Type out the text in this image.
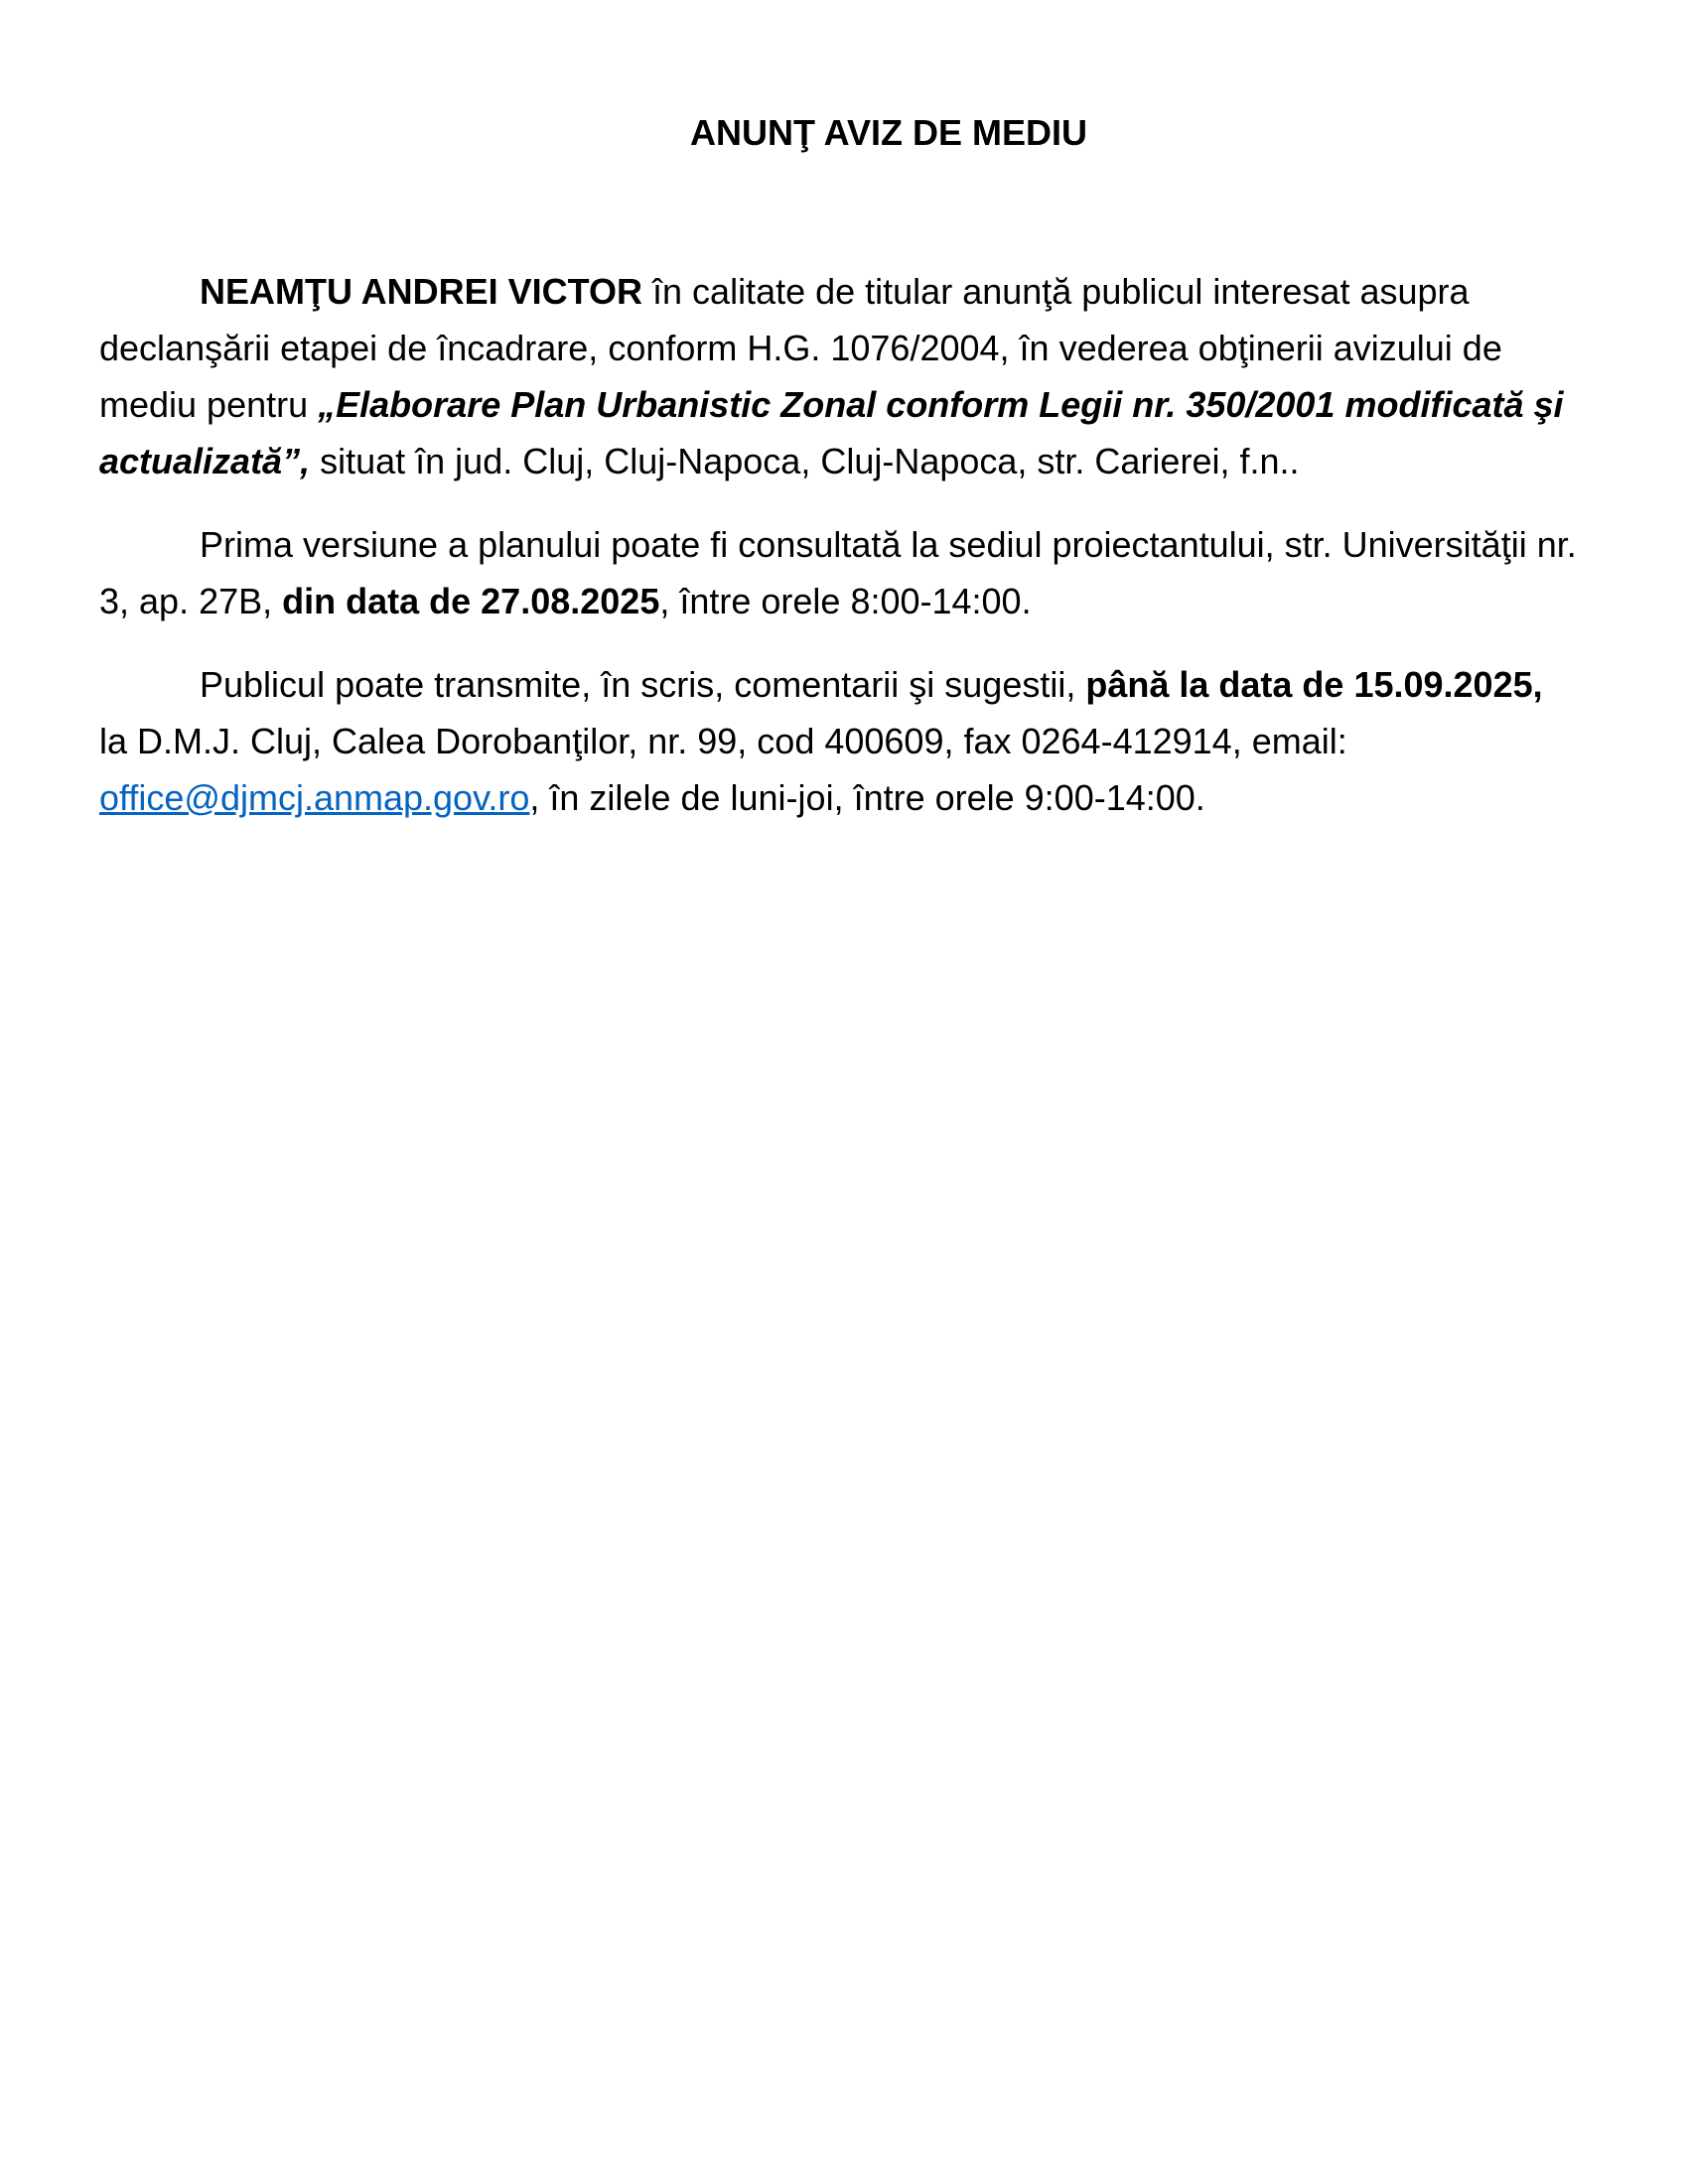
ANUNŢ AVIZ DE MEDIU

NEAMŢU ANDREI VICTOR în calitate de titular anunţă publicul interesat asupra declanşării etapei de încadrare, conform H.G. 1076/2004, în vederea obţinerii avizului de mediu pentru „Elaborare Plan Urbanistic Zonal conform Legii nr. 350/2001 modificată şi actualizată”, situat în jud. Cluj, Cluj-Napoca, Cluj-Napoca, str. Carierei, f.n..

Prima versiune a planului poate fi consultată la sediul proiectantului, str. Universităţii nr. 3, ap. 27B, din data de 27.08.2025, între orele 8:00-14:00.

Publicul poate transmite, în scris, comentarii şi sugestii, până la data de 15.09.2025, la D.M.J. Cluj, Calea Dorobanţilor, nr. 99, cod 400609, fax 0264-412914, email: office@djmcj.anmap.gov.ro, în zilele de luni-joi, între orele 9:00-14:00.
